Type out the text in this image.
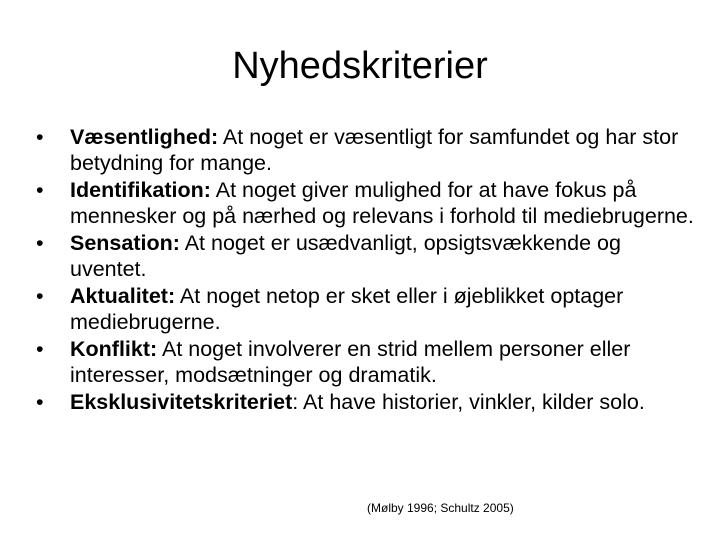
Nyhedskriterier
•	Væsentlighed: At noget er væsentligt for samfundet og har stor betydning for mange.
•	Identifikation: At noget giver mulighed for at have fokus på mennesker og på nærhed og relevans i forhold til mediebrugerne.
•	Sensation: At noget er usædvanligt, opsigtsvækkende og uventet.
•	Aktualitet: At noget netop er sket eller i øjeblikket optager mediebrugerne.
•	Konflikt: At noget involverer en strid mellem personer eller interesser, modsætninger og dramatik.
•	Eksklusivitetskriteriet: At have historier, vinkler, kilder solo.

(Mølby 1996; Schultz 2005)
